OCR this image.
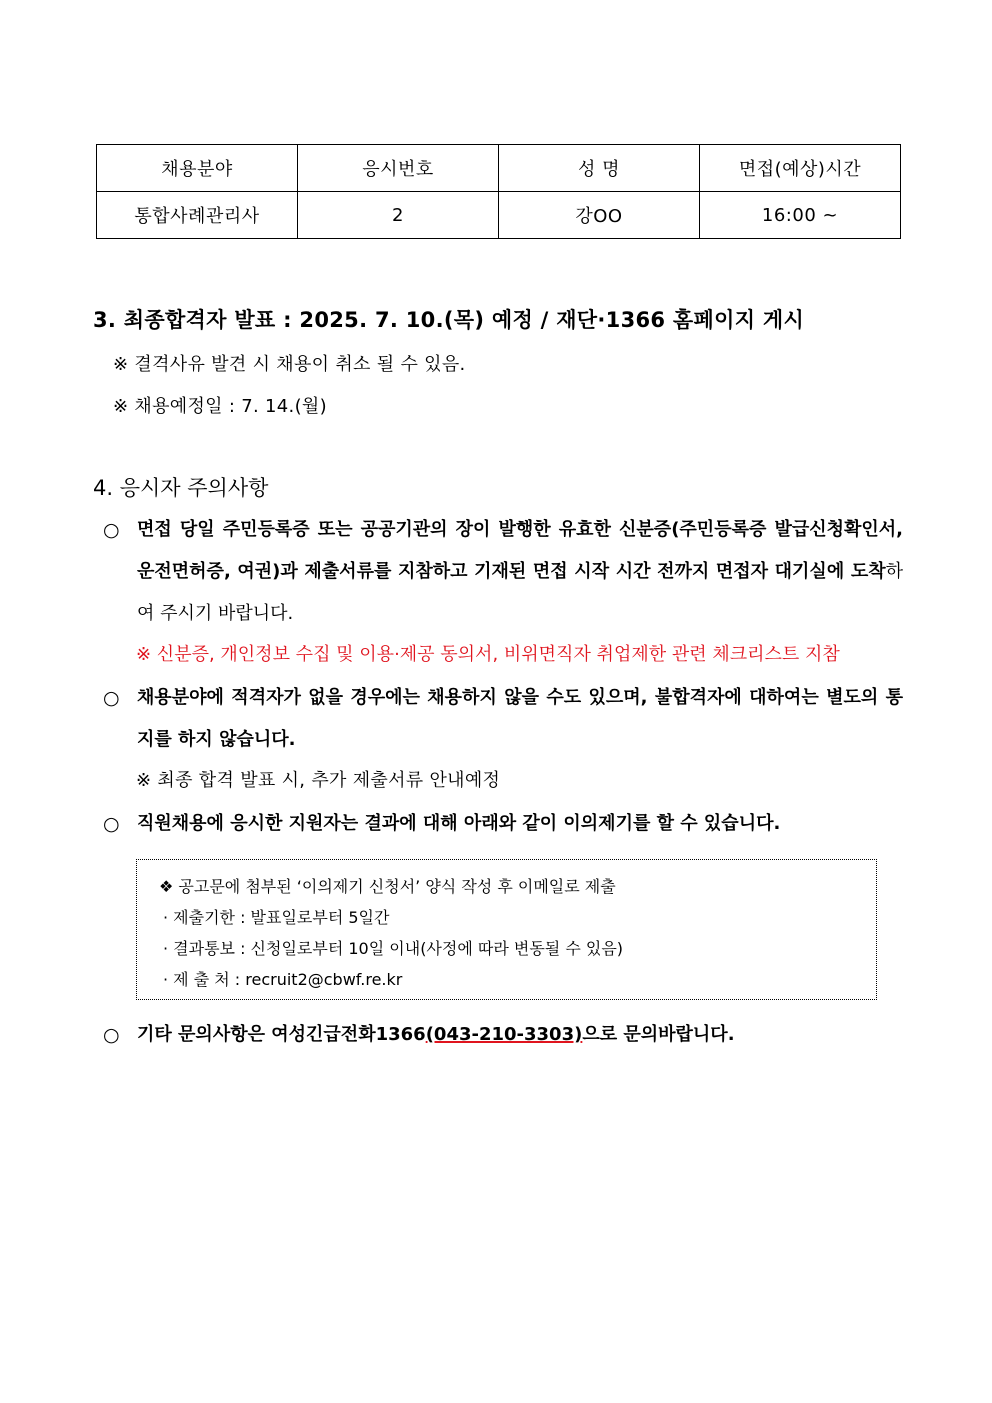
채용분야	응시번호	성 명	면접(예상)시간
통합사례관리사	2	강OO	16:00 ~
3. 최종합격자 발표 : 2025. 7. 10.(목) 예정 / 재단·1366 홈페이지 게시
※ 결격사유 발견 시 채용이 취소 될 수 있음.
※ 채용예정일 : 7. 14.(월)
4. 응시자 주의사항
○ 면접 당일 주민등록증 또는 공공기관의 장이 발행한 유효한 신분증(주민등록증 발급신청확인서, 운전면허증, 여권)과 제출서류를 지참하고 기재된 면접 시작 시간 전까지 면접자 대기실에 도착하여 주시기 바랍니다.
※ 신분증, 개인정보 수집 및 이용·제공 동의서, 비위면직자 취업제한 관련 체크리스트 지참
○ 채용분야에 적격자가 없을 경우에는 채용하지 않을 수도 있으며, 불합격자에 대하여는 별도의 통지를 하지 않습니다.
※ 최종 합격 발표 시, 추가 제출서류 안내예정
○ 직원채용에 응시한 지원자는 결과에 대해 아래와 같이 이의제기를 할 수 있습니다.
❖ 공고문에 첨부된 ‘이의제기 신청서’ 양식 작성 후 이메일로 제출
· 제출기한 : 발표일로부터 5일간
· 결과통보 : 신청일로부터 10일 이내(사정에 따라 변동될 수 있음)
· 제 출 처 : recruit2@cbwf.re.kr
○ 기타 문의사항은 여성긴급전화1366(043-210-3303)으로 문의바랍니다.
